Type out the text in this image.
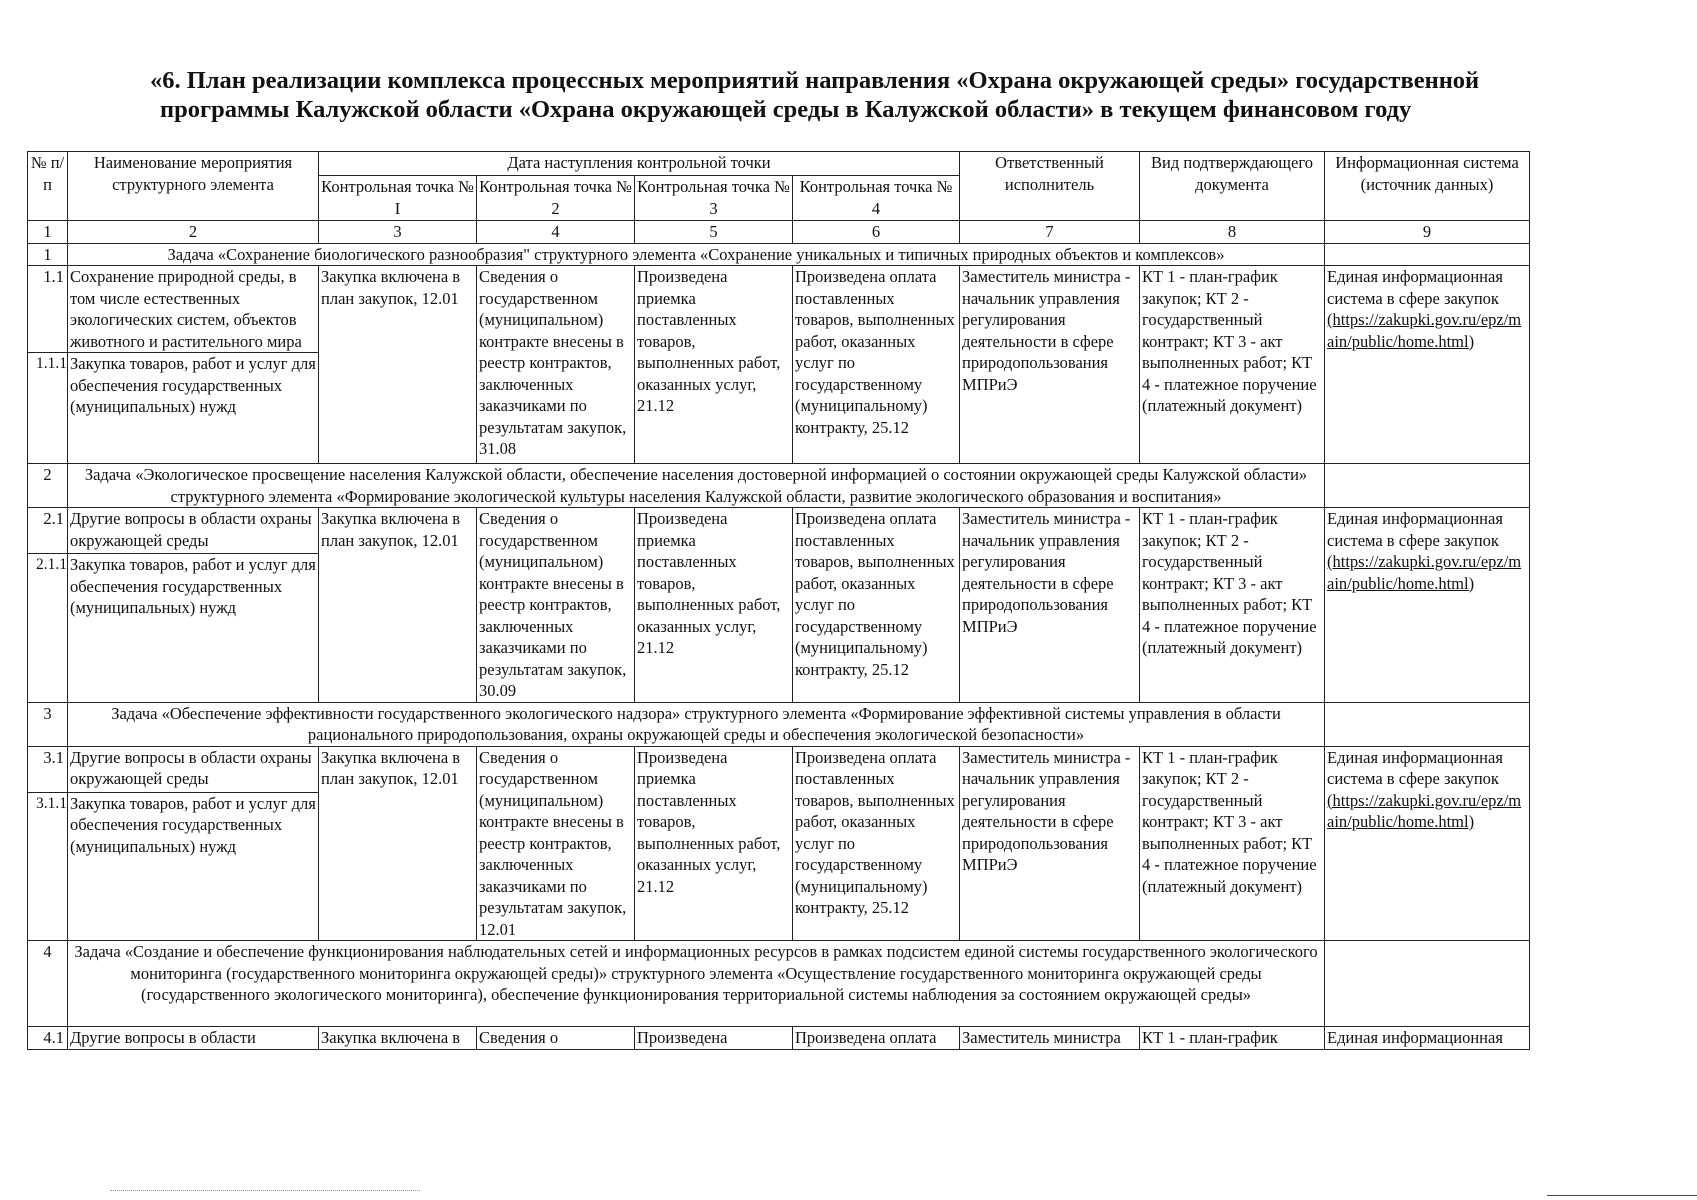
«6. План реализации комплекса процессных мероприятий направления «Охрана окружающей среды» государственной
программы Калужской области «Охрана окружающей среды в Калужской области» в текущем финансовом году
№ п/п	Наименование мероприятия структурного элемента	Дата наступления контрольной точки				Ответственный исполнитель	Вид подтверждающего документа	Информационная система (источник данных)
		Контрольная точка № I	Контрольная точка № 2	Контрольная точка № 3	Контрольная точка № 4			
1	2	3	4	5	6	7	8	9
1	Задача «Сохранение биологического разнообразия" структурного элемента «Сохранение уникальных и типичных природных объектов и комплексов»							
1.1	Сохранение природной среды, в том числе естественных экологических систем, объектов животного и растительного мира	Закупка включена в план закупок, 12.01	Сведения о государственном (муниципальном) контракте внесены в реестр контрактов, заключенных заказчиками по результатам закупок, 31.08	Произведена приемка поставленных товаров, выполненных работ, оказанных услуг, 21.12	Произведена оплата поставленных товаров, выполненных работ, оказанных услуг по государственному (муниципальному) контракту, 25.12	Заместитель министра - начальник управления регулирования деятельности в сфере природопользования МПРиЭ	КТ 1 - план-график закупок; КТ 2 - государственный контракт; КТ 3 - акт выполненных работ; КТ 4 - платежное поручение (платежный документ)	Единая информационная система в сфере закупок
(https://zakupki.gov.ru/epz/main/public/home.html)

1.1.1	Закупка товаров, работ и услуг для обеспечения государственных (муниципальных) нужд							
2	Задача «Экологическое просвещение населения Калужской области, обеспечение населения достоверной информацией о состоянии окружающей среды Калужской области» структурного элемента «Формирование экологической культуры населения Калужской области, развитие экологического образования и воспитания»							
2.1	Другие вопросы в области охраны окружающей среды	Закупка включена в план закупок, 12.01	Сведения о государственном (муниципальном) контракте внесены в реестр контрактов, заключенных заказчиками по результатам закупок, 30.09	Произведена приемка поставленных товаров, выполненных работ, оказанных услуг, 21.12	Произведена оплата поставленных товаров, выполненных работ, оказанных услуг по государственному (муниципальному) контракту, 25.12	Заместитель министра - начальник управления регулирования деятельности в сфере природопользования МПРиЭ	КТ 1 - план-график закупок; КТ 2 - государственный контракт; КТ 3 - акт выполненных работ; КТ 4 - платежное поручение (платежный документ)	Единая информационная система в сфере закупок
(https://zakupki.gov.ru/epz/main/public/home.html)

2.1.1	Закупка товаров, работ и услуг для обеспечения государственных (муниципальных) нужд							
3	Задача «Обеспечение эффективности государственного экологического надзора» структурного элемента «Формирование эффективной системы управления в области рационального природопользования, охраны окружающей среды и обеспечения экологической безопасности»							
3.1	Другие вопросы в области охраны окружающей среды	Закупка включена в план закупок, 12.01	Сведения о государственном (муниципальном) контракте внесены в реестр контрактов, заключенных заказчиками по результатам закупок, 12.01	Произведена приемка поставленных товаров, выполненных работ, оказанных услуг, 21.12	Произведена оплата поставленных товаров, выполненных работ, оказанных услуг по государственному (муниципальному) контракту, 25.12	Заместитель министра - начальник управления регулирования деятельности в сфере природопользования МПРиЭ	КТ 1 - план-график закупок; КТ 2 - государственный контракт; КТ 3 - акт выполненных работ; КТ 4 - платежное поручение (платежный документ)	Единая информационная система в сфере закупок
(https://zakupki.gov.ru/epz/main/public/home.html)

3.1.1	Закупка товаров, работ и услуг для обеспечения государственных (муниципальных) нужд							
4	Задача «Создание и обеспечение функционирования наблюдательных сетей и информационных ресурсов в рамках подсистем единой системы государственного экологического мониторинга (государственного мониторинга окружающей среды)» структурного элемента «Осуществление государственного мониторинга окружающей среды (государственного экологического мониторинга), обеспечение функционирования территориальной системы наблюдения за состоянием окружающей среды»							
4.1	Другие вопросы в области	Закупка включена в	Сведения о	Произведена	Произведена оплата	Заместитель министра	КТ 1 - план-график	Единая информационная
